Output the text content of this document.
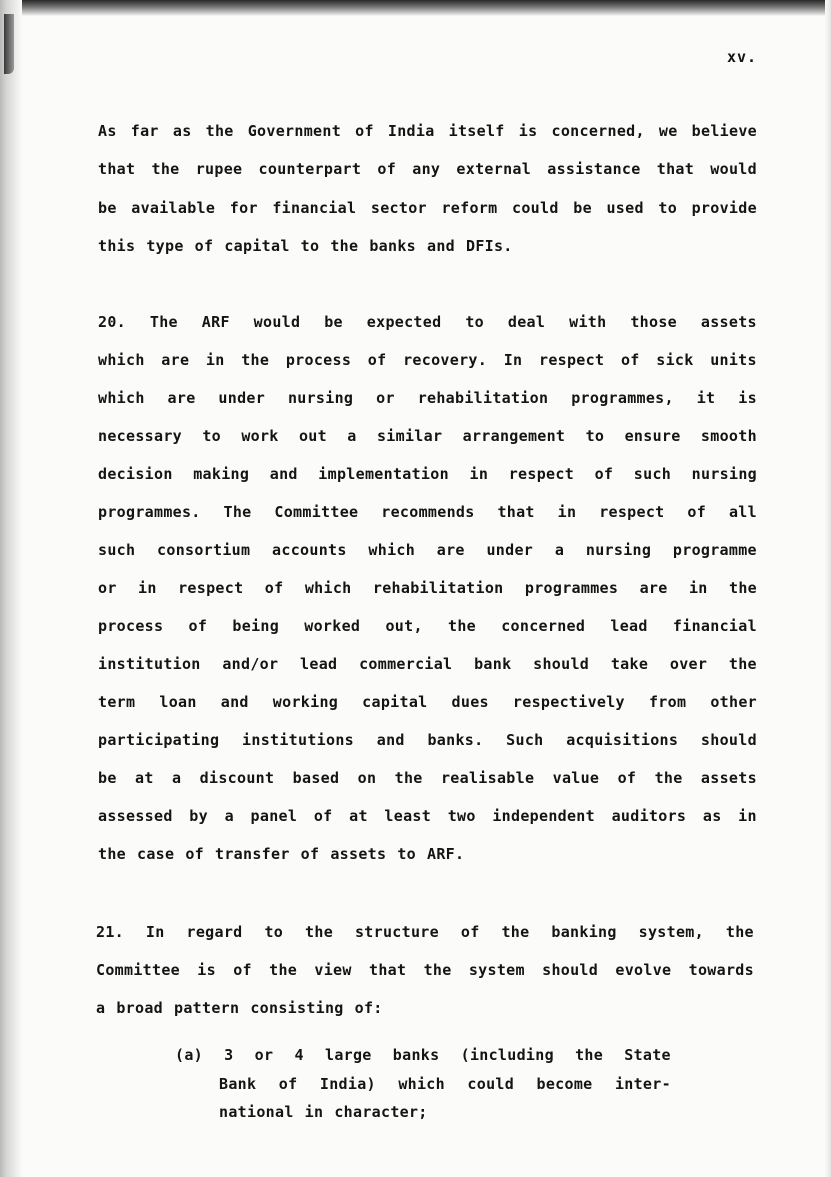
xv.
As far as the Government of India itself is concerned, we believe
that the rupee counterpart of any external assistance that would
be available for financial sector reform could be used to provide
this type of capital to the banks and DFIs.
20. The ARF would be expected to deal with those assets
which are in the process of recovery. In respect of sick units
which are under nursing or rehabilitation programmes, it is
necessary to work out a similar arrangement to ensure smooth
decision making and implementation in respect of such nursing
programmes. The Committee recommends that in respect of all
such consortium accounts which are under a nursing programme
or in respect of which rehabilitation programmes are in the
process of being worked out, the concerned lead financial
institution and/or lead commercial bank should take over the
term loan and working capital dues respectively from other
participating institutions and banks. Such acquisitions should
be at a discount based on the realisable value of the assets
assessed by a panel of at least two independent auditors as in
the case of transfer of assets to ARF.
21. In regard to the structure of the banking system, the
Committee is of the view that the system should evolve towards
a broad pattern consisting of:
(a) 3 or 4 large banks (including the State
Bank of India) which could become inter-
national in character;
